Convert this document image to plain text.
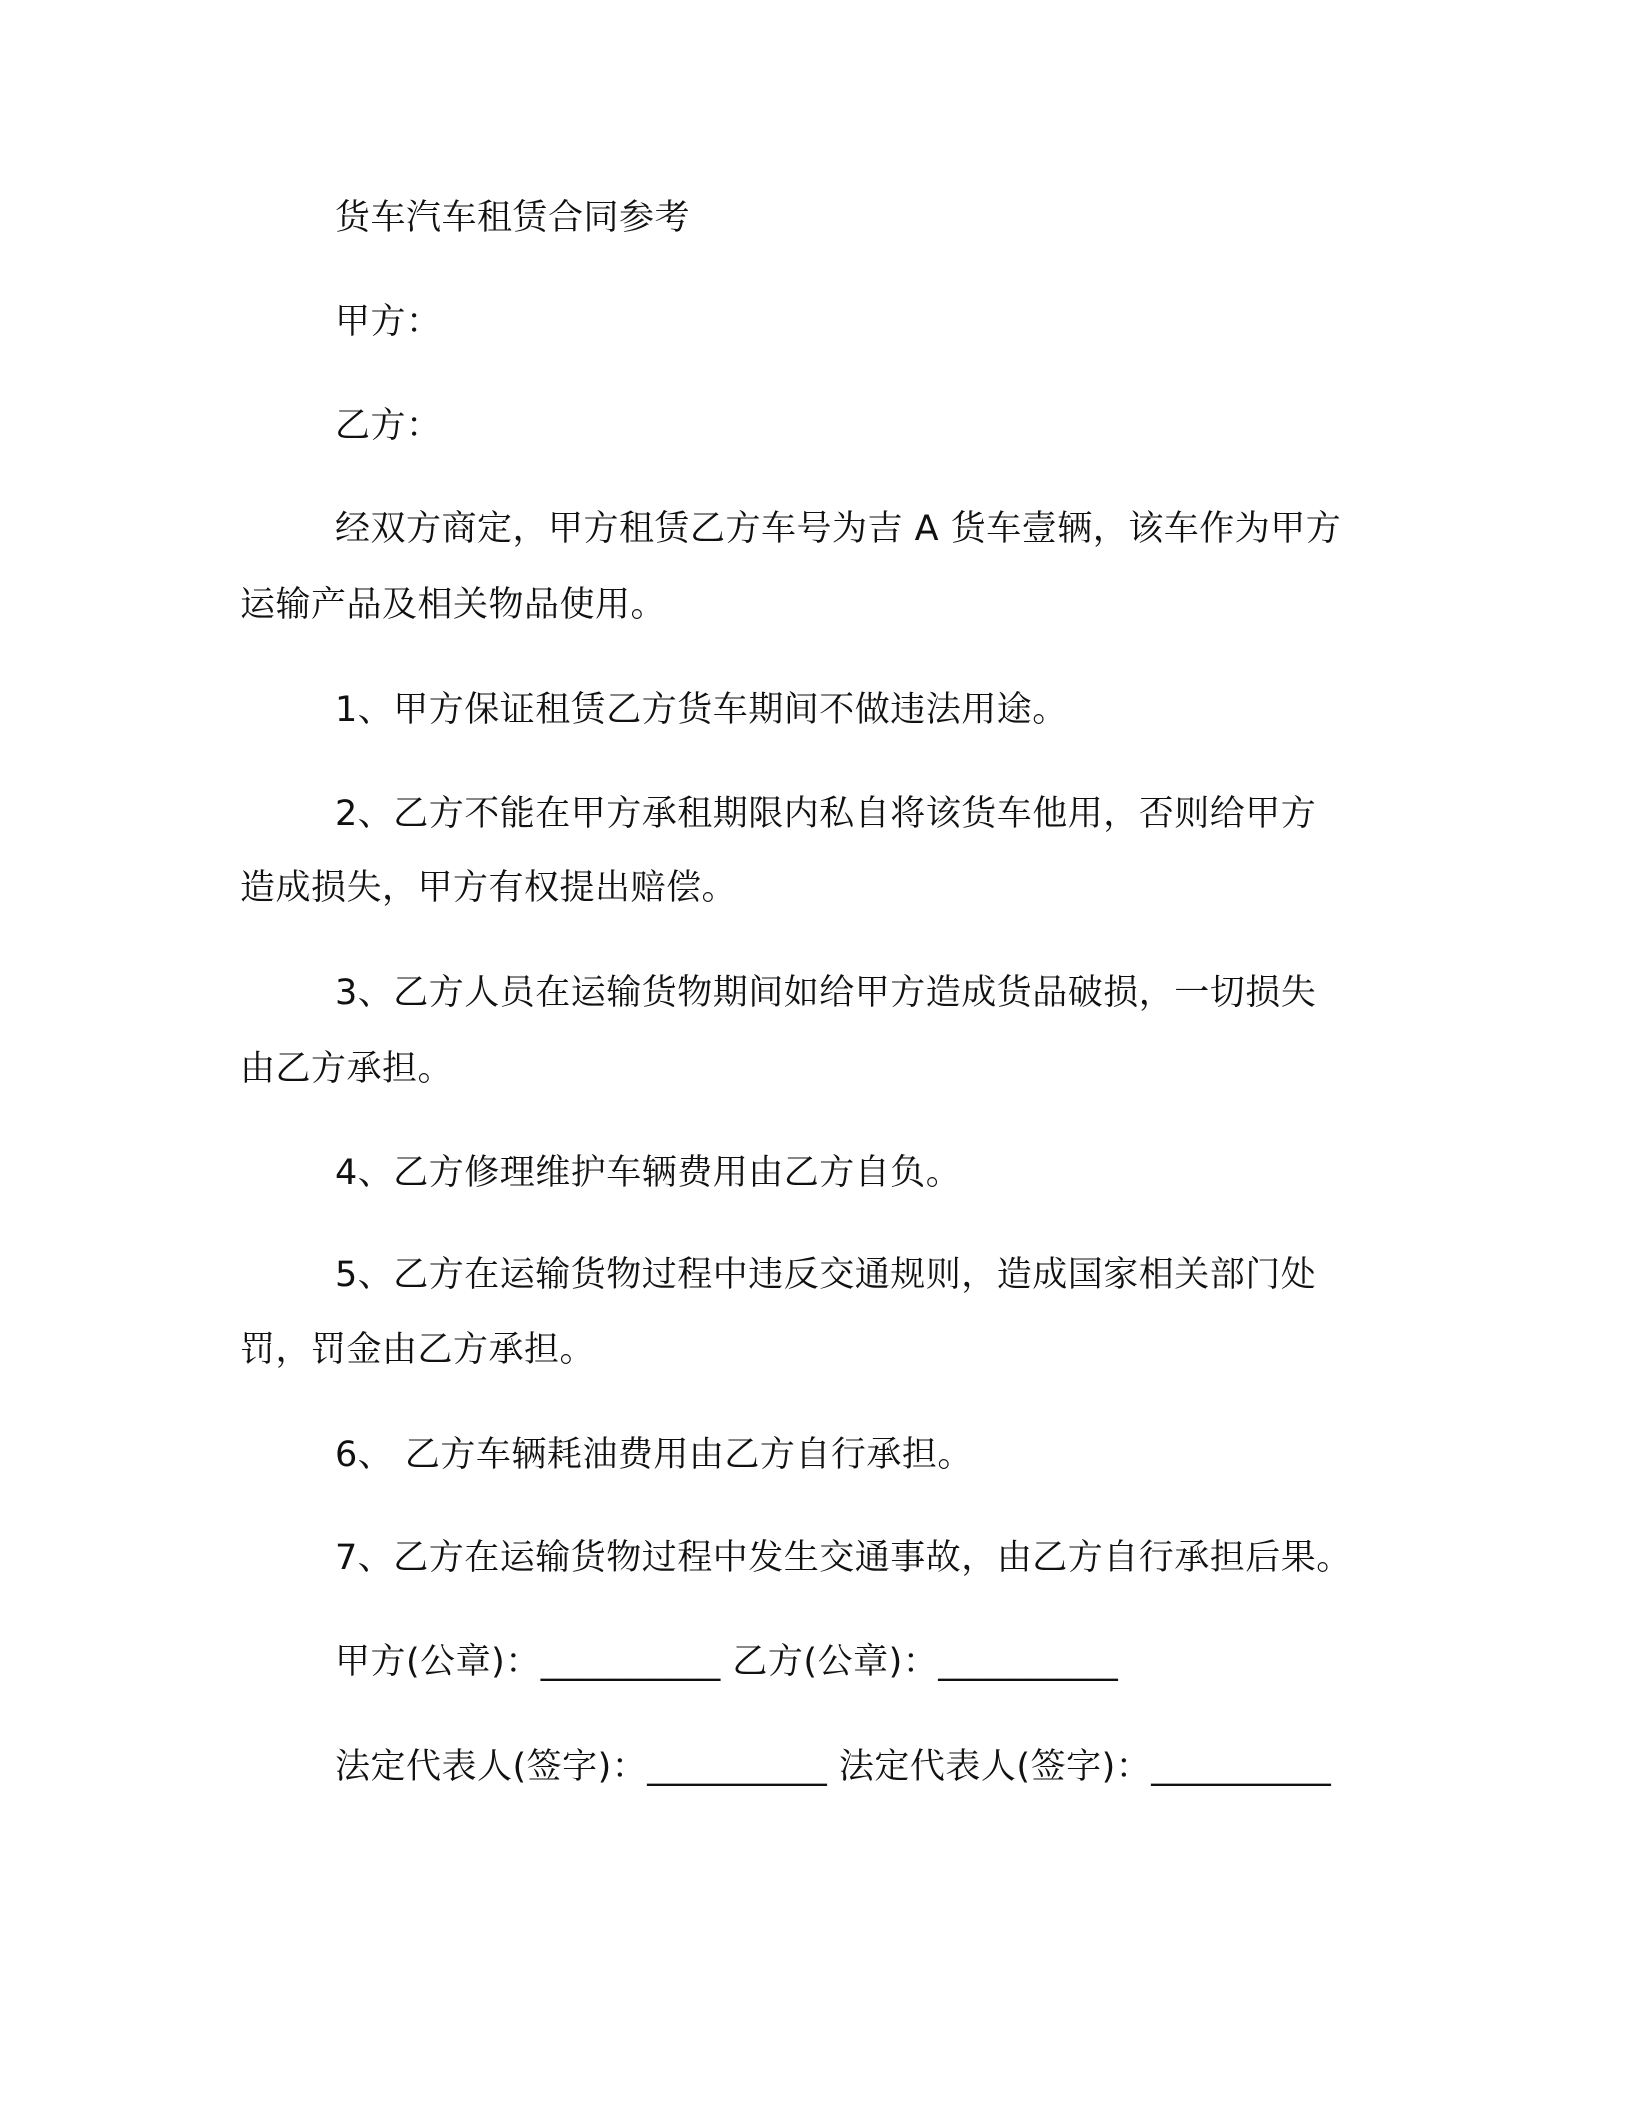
货车汽车租赁合同参考
甲方：
乙方：
经双方商定，甲方租赁乙方车号为吉 A 货车壹辆，该车作为甲方
运输产品及相关物品使用。
1、甲方保证租赁乙方货车期间不做违法用途。
2、乙方不能在甲方承租期限内私自将该货车他用，否则给甲方
造成损失，甲方有权提出赔偿。
3、乙方人员在运输货物期间如给甲方造成货品破损，一切损失
由乙方承担。
4、乙方修理维护车辆费用由乙方自负。
5、乙方在运输货物过程中违反交通规则，造成国家相关部门处
罚，罚金由乙方承担。
6、 乙方车辆耗油费用由乙方自行承担。
7、乙方在运输货物过程中发生交通事故，由乙方自行承担后果。
甲方(公章)：__________ 乙方(公章)：__________
法定代表人(签字)：__________ 法定代表人(签字)：__________
